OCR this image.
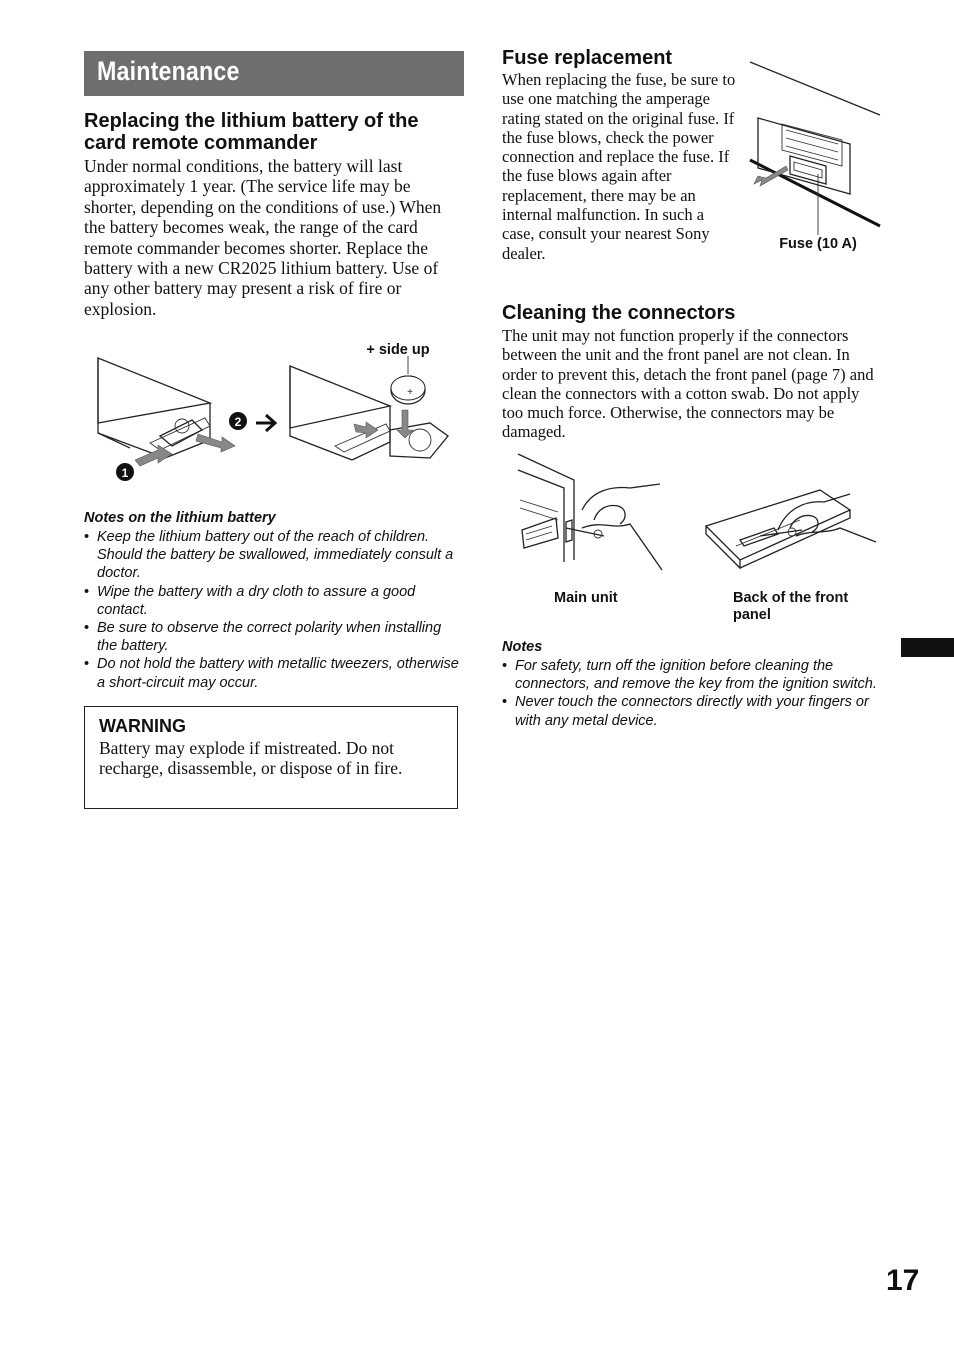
Maintenance
Replacing the lithium battery of the card remote commander
Under normal conditions, the battery will last approximately 1 year. (The service life may be shorter, depending on the conditions of use.) When the battery becomes weak, the range of the card remote commander becomes shorter. Replace the battery with a new CR2025 lithium battery. Use of any other battery may present a risk of fire or explosion.
1
2
+
+ side up
Notes on the lithium battery
• Keep the lithium battery out of the reach of children. Should the battery be swallowed, immediately consult a doctor.
• Wipe the battery with a dry cloth to assure a good contact.
• Be sure to observe the correct polarity when installing the battery.
• Do not hold the battery with metallic tweezers, otherwise a short-circuit may occur.
WARNING
Battery may explode if mistreated. Do not recharge, disassemble, or dispose of in fire.
Fuse replacement
When replacing the fuse, be sure to use one matching the amperage rating stated on the original fuse. If the fuse blows, check the power connection and replace the fuse. If the fuse blows again after replacement, there may be an internal malfunction. In such a case, consult your nearest Sony dealer.	Fuse (10 A)
Cleaning the connectors
The unit may not function properly if the connectors between the unit and the front panel are not clean. In order to prevent this, detach the front panel (page 7) and clean the connectors with a cotton swab. Do not apply too much force. Otherwise, the connectors may be damaged.
Main unit	Back of the front panel
Notes
• For safety, turn off the ignition before cleaning the connectors, and remove the key from the ignition switch.
• Never touch the connectors directly with your fingers or with any metal device.
17
